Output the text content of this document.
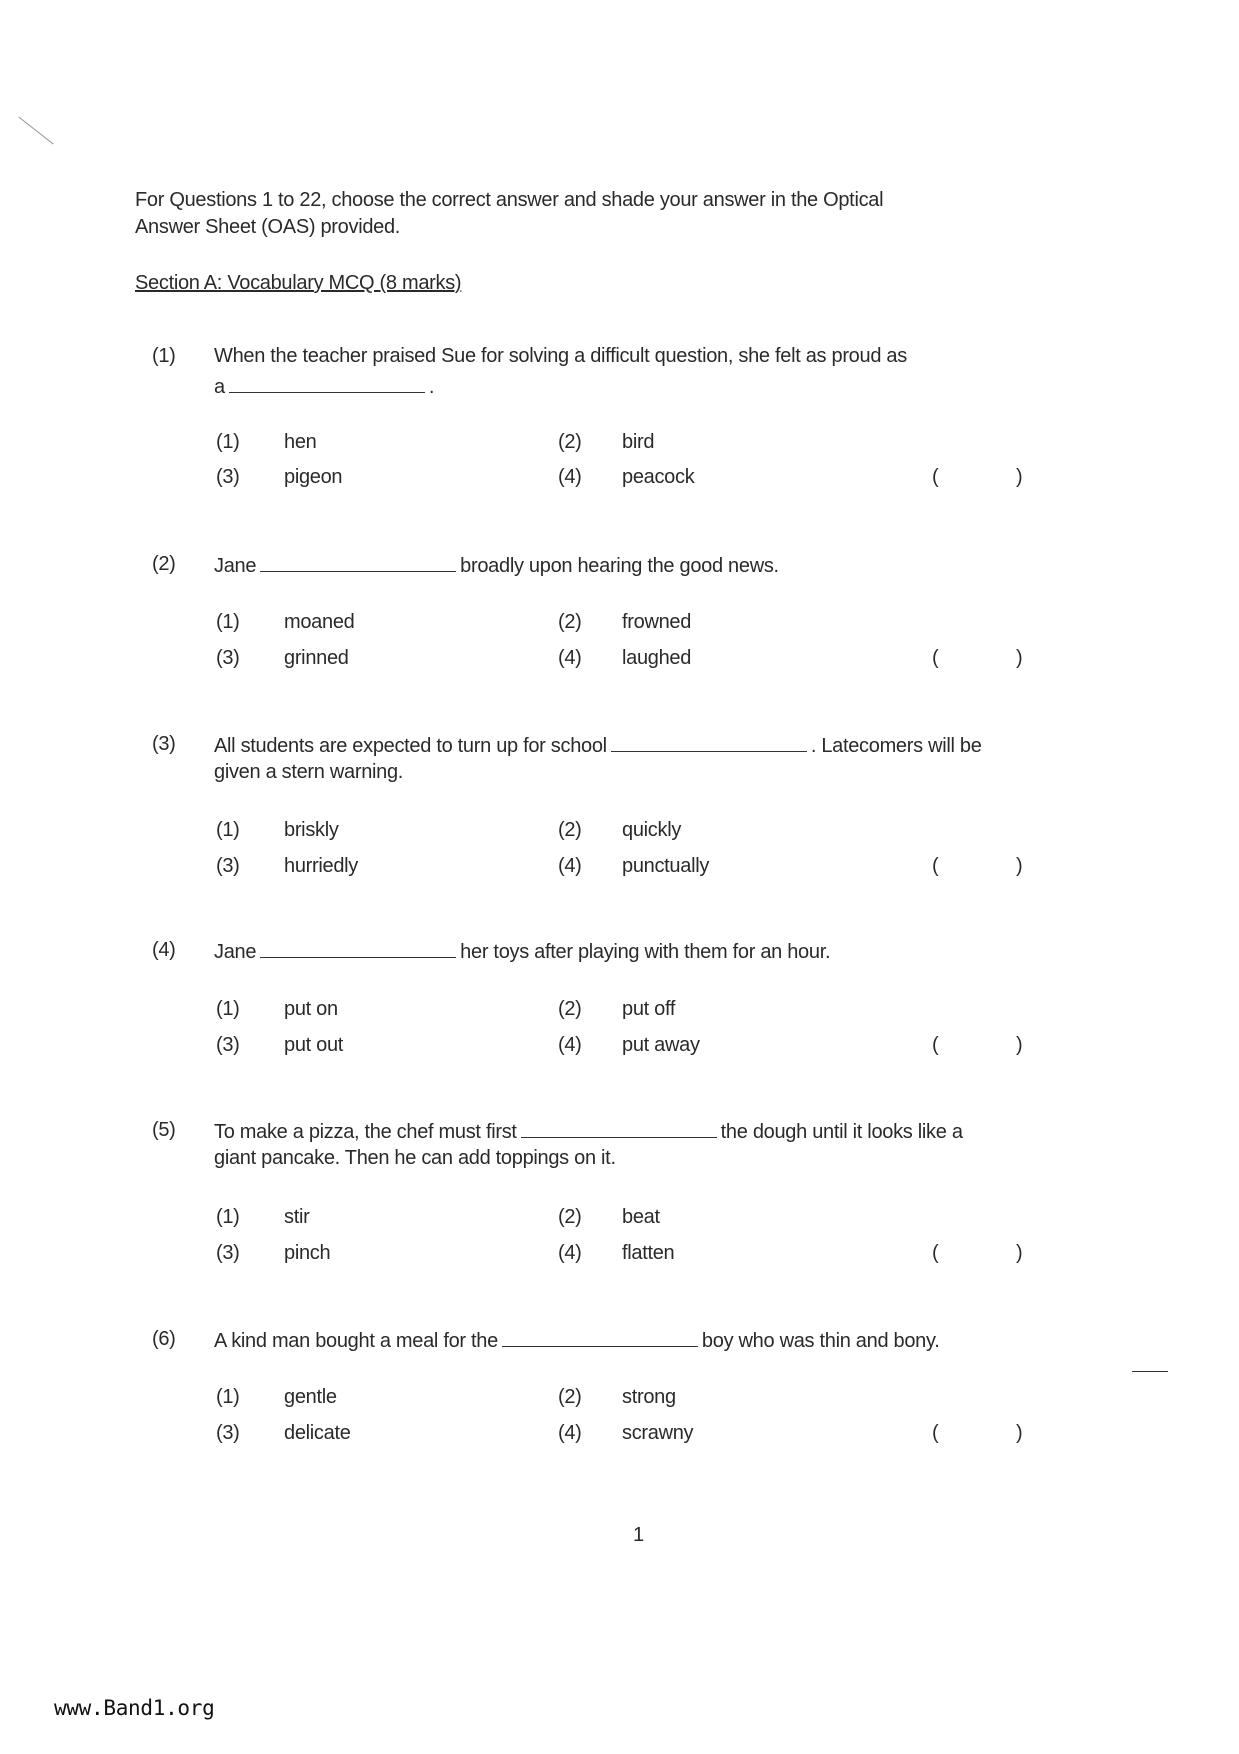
For Questions 1 to 22, choose the correct answer and shade your answer in the Optical
Answer Sheet (OAS) provided.
Section A: Vocabulary MCQ (8 marks)
(1) When the teacher praised Sue for solving a difficult question, she felt as proud as
a	.
(1) hen	(2) bird
(3) pigeon	(4) peacock	(	)
(2) Jane	broadly upon hearing the good news.
(1) moaned	(2) frowned
(3) grinned	(4) laughed	(	)
(3) All students are expected to turn up for school	. Latecomers will be
given a stern warning.
(1) briskly	(2) quickly
(3) hurriedly	(4) punctually	(	)
(4) Jane	her toys after playing with them for an hour.
(1) put on	(2) put off
(3) put out	(4) put away	(	)
(5) To make a pizza, the chef must first	the dough until it looks like a
giant pancake. Then he can add toppings on it.
(1) stir	(2) beat
(3) pinch	(4) flatten	(	)
(6) A kind man bought a meal for the	boy who was thin and bony.
(1) gentle	(2) strong
(3) delicate	(4) scrawny	(	)
1
www.Band1.org
